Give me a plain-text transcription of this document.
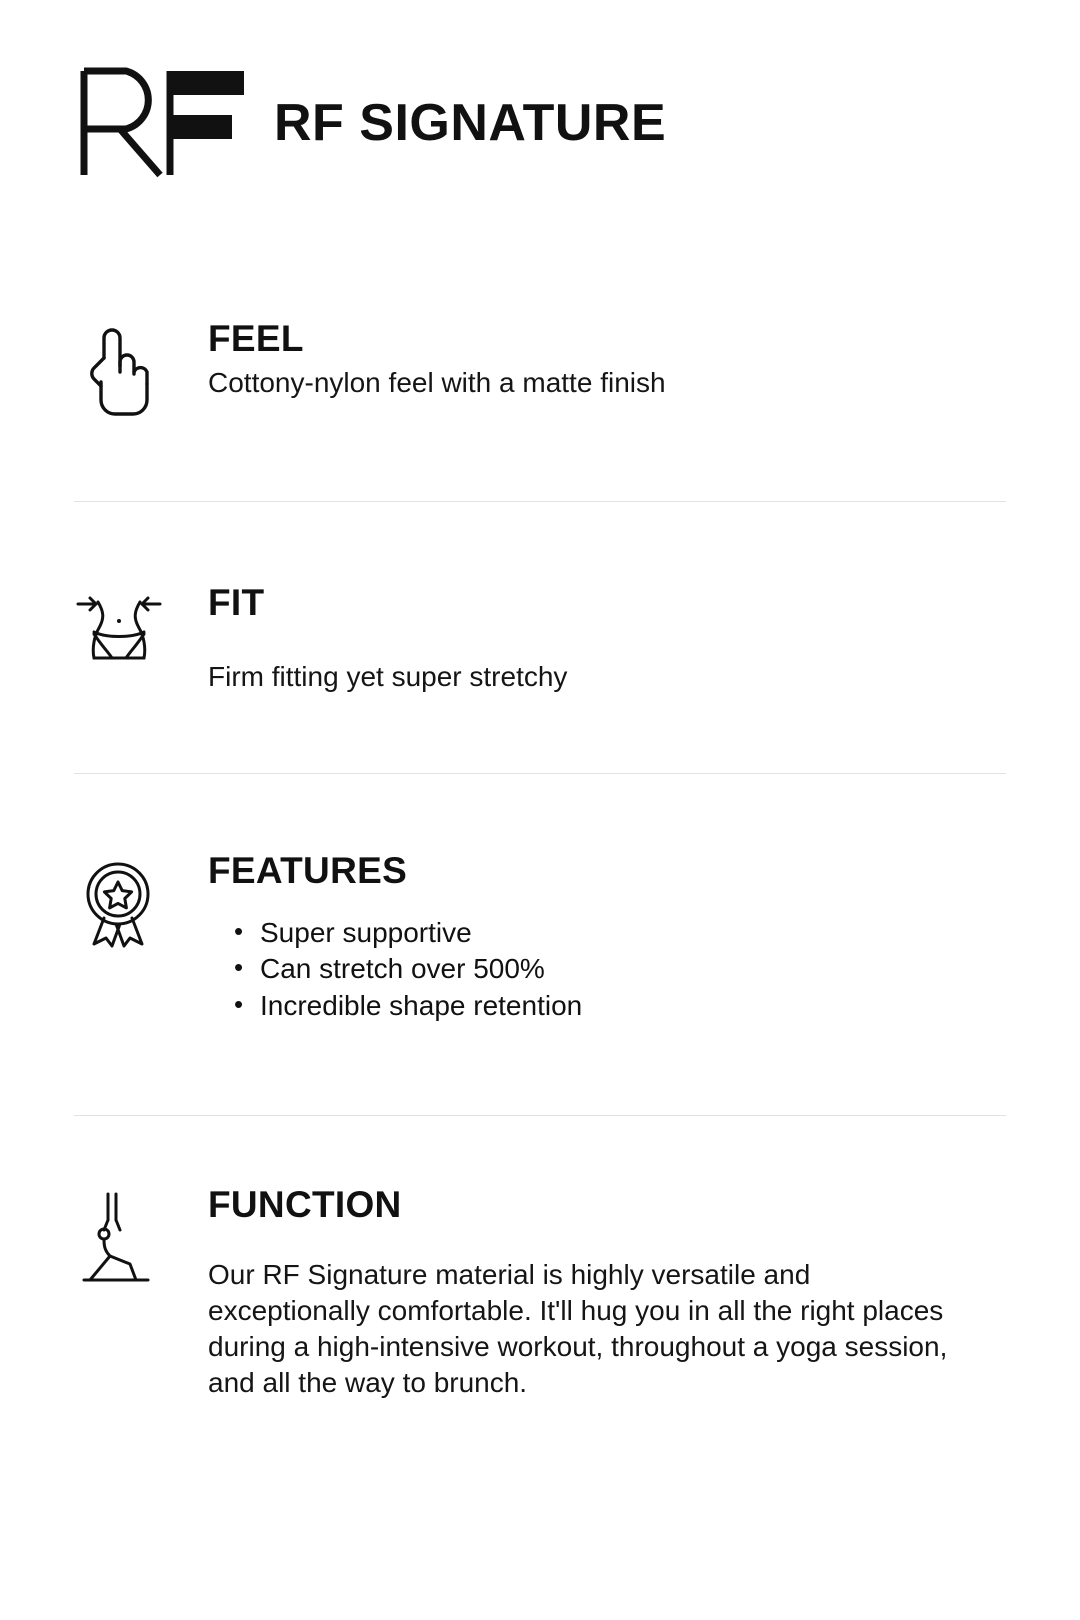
RF SIGNATURE
FEEL

Cottony-nylon feel with a matte finish

FIT

Firm fitting yet super stretchy

FEATURES
• Super supportive
• Can stretch over 500%
• Incredible shape retention
FUNCTION

Our RF Signature material is highly versatile and exceptionally comfortable. It'll hug you in all the right places during a high-intensive workout, throughout a yoga session, and all the way to brunch.
